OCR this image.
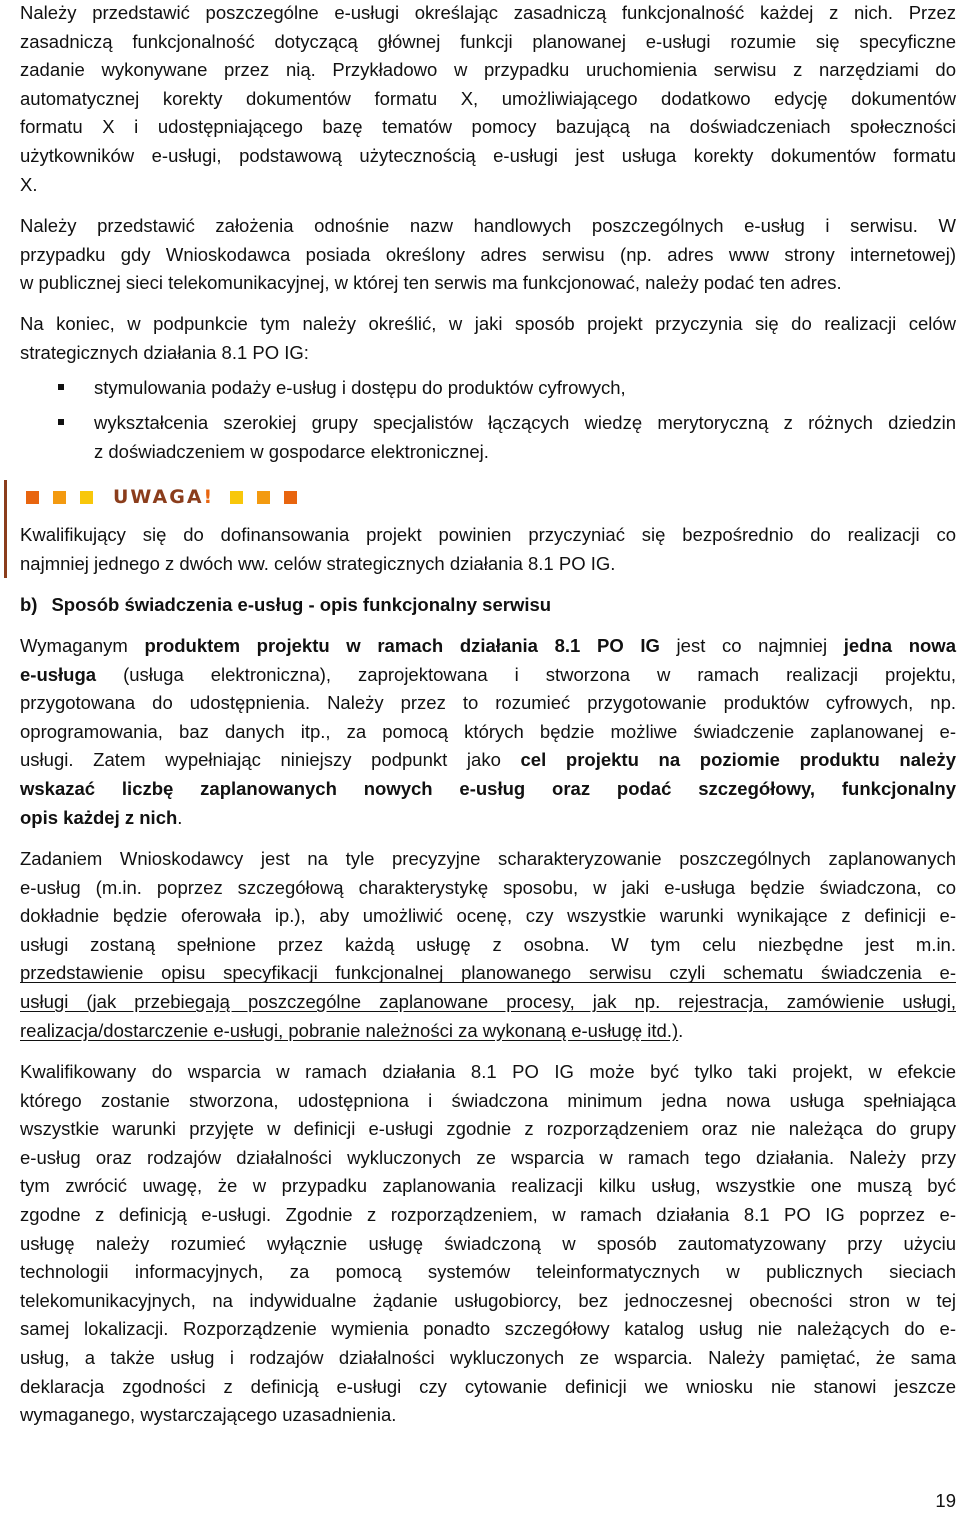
Należy przedstawić poszczególne e-usługi określając zasadniczą funkcjonalność każdej z nich. Przez
zasadniczą funkcjonalność dotyczącą głównej funkcji planowanej e-usługi rozumie się specyficzne
zadanie wykonywane przez nią. Przykładowo w przypadku uruchomienia serwisu z narzędziami do
automatycznej korekty dokumentów formatu X, umożliwiającego dodatkowo edycję dokumentów
formatu X i udostępniającego bazę tematów pomocy bazującą na doświadczeniach społeczności
użytkowników e-usługi, podstawową użytecznością e-usługi jest usługa korekty dokumentów formatu
X.
Należy przedstawić założenia odnośnie nazw handlowych poszczególnych e-usług i serwisu. W
przypadku gdy Wnioskodawca posiada określony adres serwisu (np. adres www strony internetowej)
w publicznej sieci telekomunikacyjnej, w której ten serwis ma funkcjonować, należy podać ten adres.
Na koniec, w podpunkcie tym należy określić, w jaki sposób projekt przyczynia się do realizacji celów
strategicznych działania 8.1 PO IG:
stymulowania podaży e-usług i dostępu do produktów cyfrowych,
wykształcenia szerokiej grupy specjalistów łączących wiedzę merytoryczną z różnych dziedzin
z doświadczeniem w gospodarce elektronicznej.
UWAGA!
Kwalifikujący się do dofinansowania projekt powinien przyczyniać się bezpośrednio do realizacji co
najmniej jednego z dwóch ww. celów strategicznych działania 8.1 PO IG.
b) Sposób świadczenia e-usług - opis funkcjonalny serwisu
Wymaganym produktem projektu w ramach działania 8.1 PO IG jest co najmniej jedna nowa
e-usługa (usługa elektroniczna), zaprojektowana i stworzona w ramach realizacji projektu,
przygotowana do udostępnienia. Należy przez to rozumieć przygotowanie produktów cyfrowych, np.
oprogramowania, baz danych itp., za pomocą których będzie możliwe świadczenie zaplanowanej e-
usługi. Zatem wypełniając niniejszy podpunkt jako cel projektu na poziomie produktu należy
wskazać liczbę zaplanowanych nowych e-usług oraz podać szczegółowy, funkcjonalny
opis każdej z nich.
Zadaniem Wnioskodawcy jest na tyle precyzyjne scharakteryzowanie poszczególnych zaplanowanych
e-usług (m.in. poprzez szczegółową charakterystykę sposobu, w jaki e-usługa będzie świadczona, co
dokładnie będzie oferowała ip.), aby umożliwić ocenę, czy wszystkie warunki wynikające z definicji e-
usługi zostaną spełnione przez każdą usługę z osobna. W tym celu niezbędne jest m.in.
przedstawienie opisu specyfikacji funkcjonalnej planowanego serwisu czyli schematu świadczenia e-
usługi (jak przebiegają poszczególne zaplanowane procesy, jak np. rejestracja, zamówienie usługi,
realizacja/dostarczenie e-usługi, pobranie należności za wykonaną e-usługę itd.).
Kwalifikowany do wsparcia w ramach działania 8.1 PO IG może być tylko taki projekt, w efekcie
którego zostanie stworzona, udostępniona i świadczona minimum jedna nowa usługa spełniająca
wszystkie warunki przyjęte w definicji e-usługi zgodnie z rozporządzeniem oraz nie należąca do grupy
e-usług oraz rodzajów działalności wykluczonych ze wsparcia w ramach tego działania. Należy przy
tym zwrócić uwagę, że w przypadku zaplanowania realizacji kilku usług, wszystkie one muszą być
zgodne z definicją e-usługi. Zgodnie z rozporządzeniem, w ramach działania 8.1 PO IG poprzez e-
usługę należy rozumieć wyłącznie usługę świadczoną w sposób zautomatyzowany przy użyciu
technologii informacyjnych, za pomocą systemów teleinformatycznych w publicznych sieciach
telekomunikacyjnych, na indywidualne żądanie usługobiorcy, bez jednoczesnej obecności stron w tej
samej lokalizacji. Rozporządzenie wymienia ponadto szczegółowy katalog usług nie należących do e-
usług, a także usług i rodzajów działalności wykluczonych ze wsparcia. Należy pamiętać, że sama
deklaracja zgodności z definicją e-usługi czy cytowanie definicji we wniosku nie stanowi jeszcze
wymaganego, wystarczającego uzasadnienia.
19
